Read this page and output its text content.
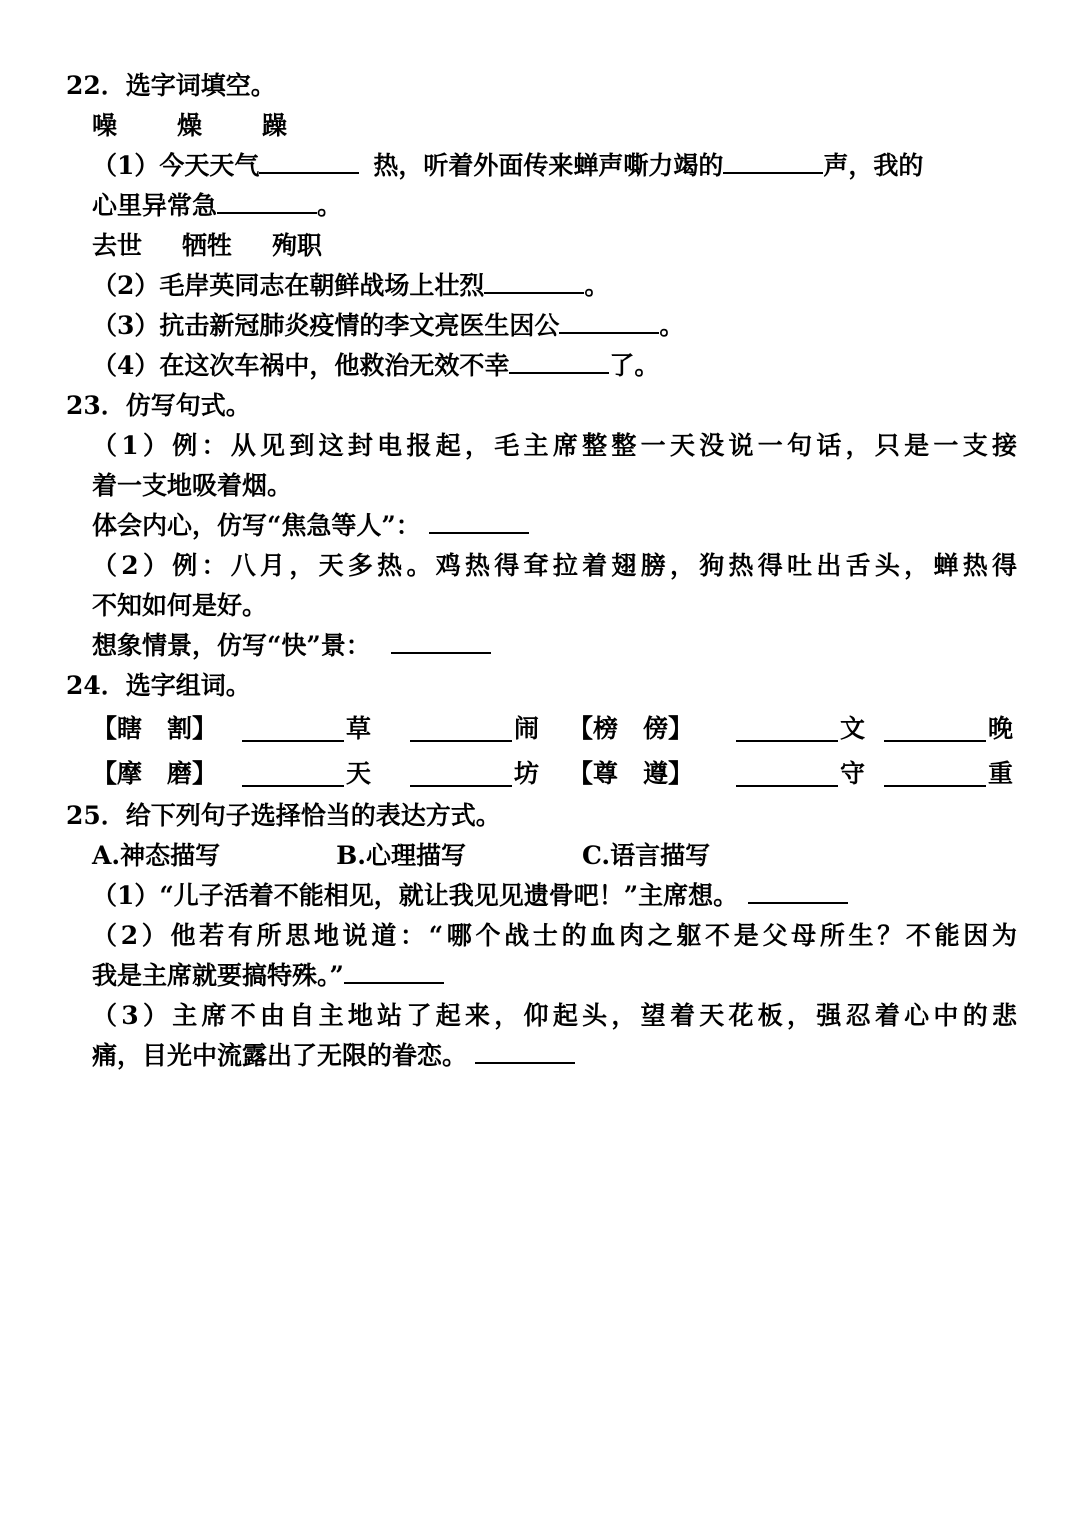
22．选字词填空。
噪 燥 躁
（1）今天天气	热，听着外面传来蝉声嘶力竭的	声，我的
心里异常急	。
去世 牺牲 殉职
（2）毛岸英同志在朝鲜战场上壮烈	。
（3）抗击新冠肺炎疫情的李文亮医生因公	。
（4）在这次车祸中，他救治无效不幸	了。
23．仿写句式。
（1）例：从见到这封电报起，毛主席整整一天没说一句话，只是一支接
着一支地吸着烟。
体会内心，仿写“焦急等人”：
（2）例：八月，天多热。鸡热得耷拉着翅膀，狗热得吐出舌头，蝉热得
不知如何是好。
想象情景，仿写“快”景：
24．选字组词。
【瞎　割】	草	闹 【榜　傍】	文	晚
【摩　磨】	天	坊 【尊　遵】	守	重
25．给下列句子选择恰当的表达方式。
A.神态描写	B.心理描写	C.语言描写
（1）“儿子活着不能相见，就让我见见遗骨吧！”主席想。
（2）他若有所思地说道：“哪个战士的血肉之躯不是父母所生？不能因为
我是主席就要搞特殊。”
（3）主席不由自主地站了起来，仰起头，望着天花板，强忍着心中的悲
痛，目光中流露出了无限的眷恋。
